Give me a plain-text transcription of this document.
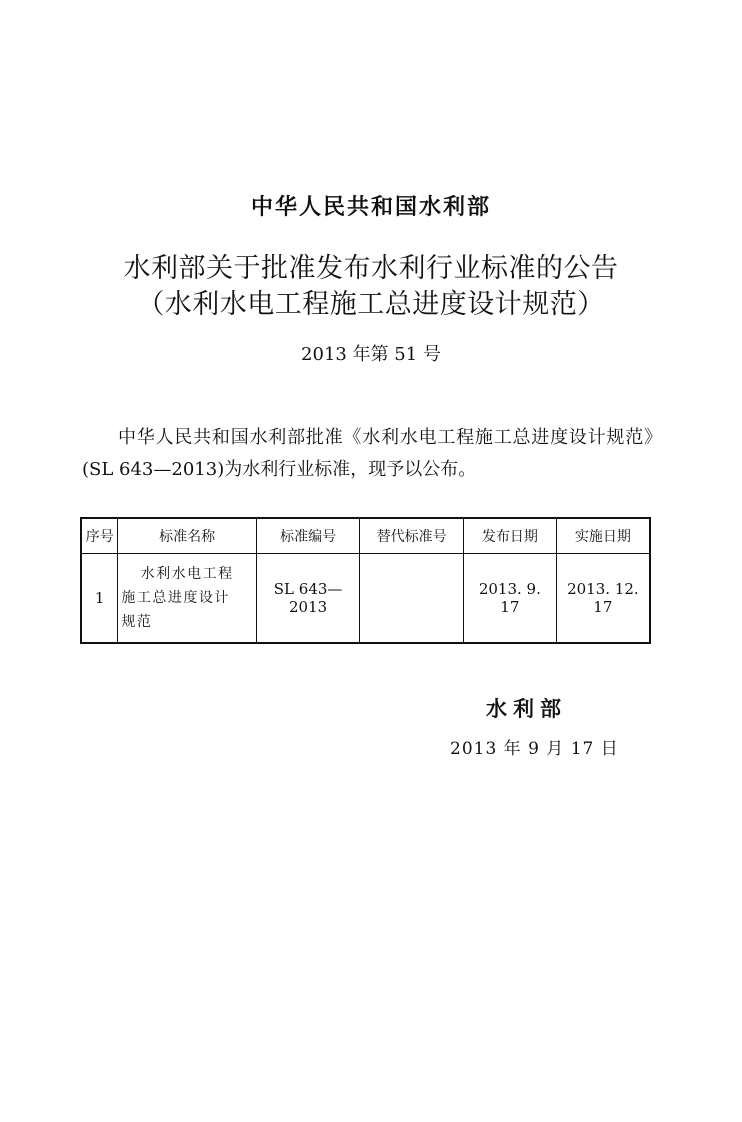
中华人民共和国水利部
水利部关于批准发布水利行业标准的公告
（水利水电工程施工总进度设计规范）
2013 年第 51 号

中华人民共和国水利部批准《水利水电工程施工总进度设计规范》(SL 643—2013)为水利行业标准，现予以公布。

序号	标准名称	标准编号	替代标准号	发布日期	实施日期
1	水利水电工程
施工总进度设计
规范	SL 643—2013		2013. 9. 17	2013. 12. 17
水利部
2013 年 9 月 17 日
